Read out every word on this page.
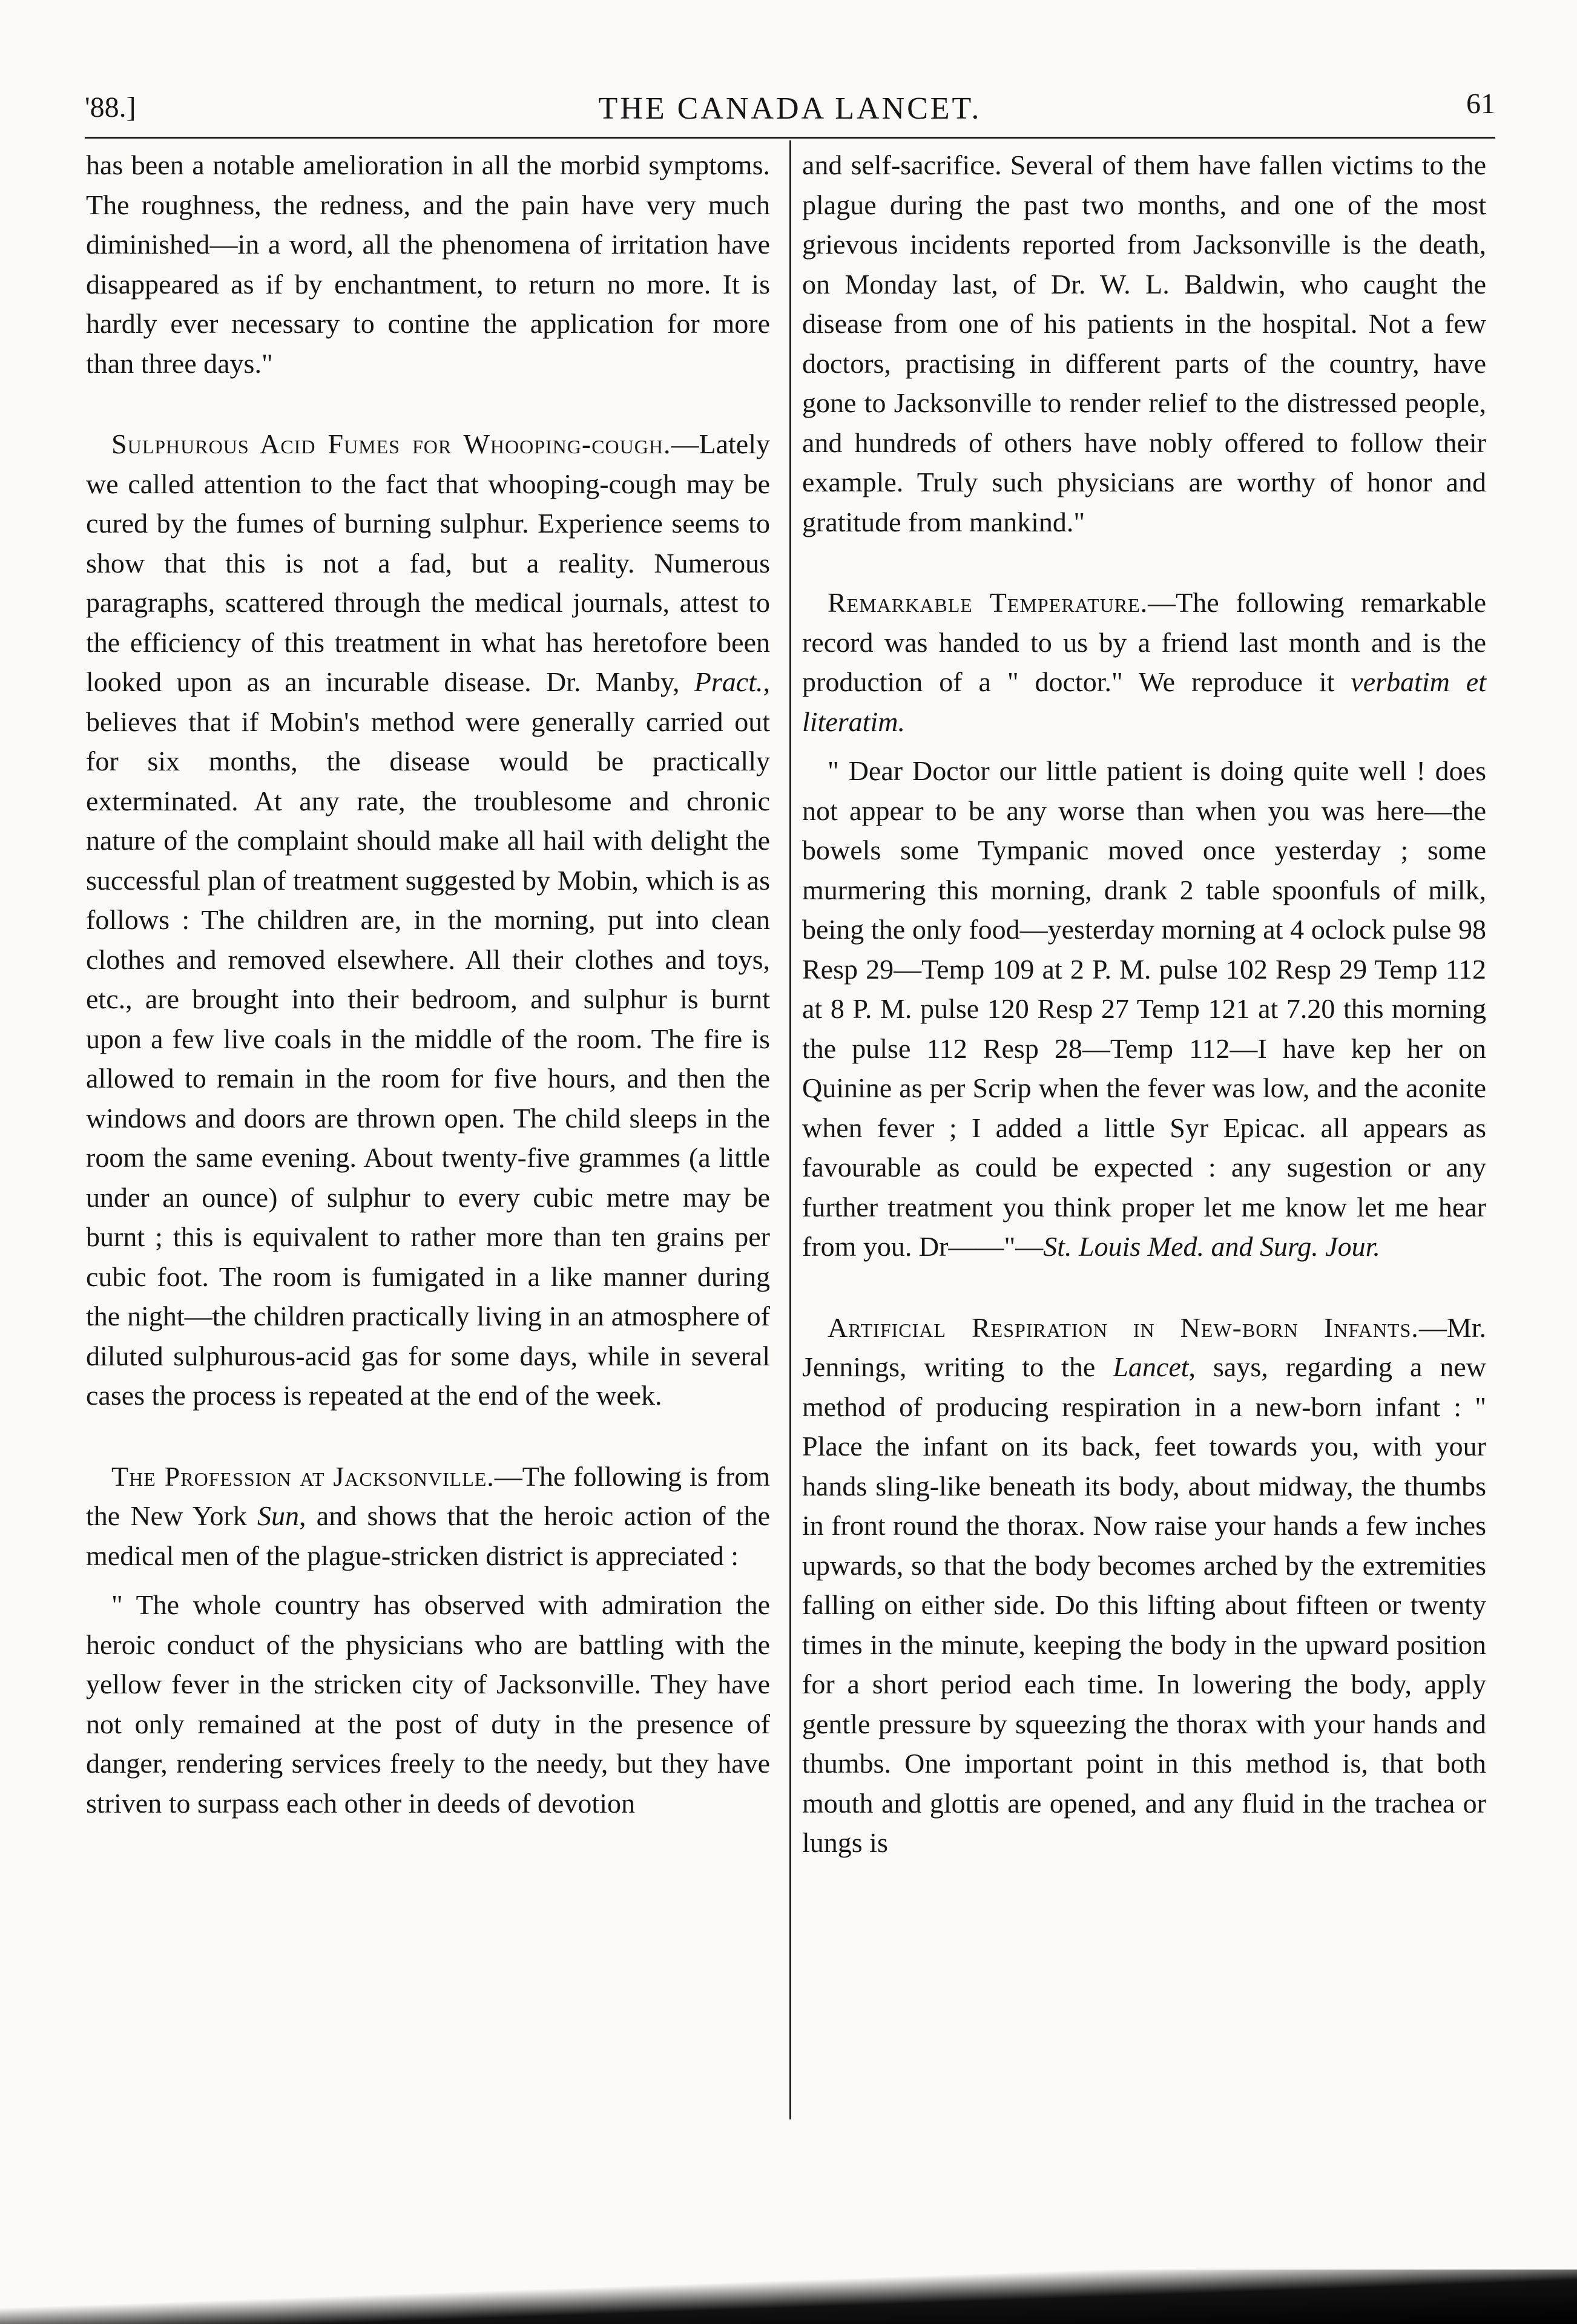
'88.]	THE CANADA LANCET.	61

has been a notable amelioration in all the morbid symptoms. The roughness, the redness, and the pain have very much diminished—in a word, all the phenomena of irritation have disappeared as if by enchantment, to return no more. It is hardly ever necessary to contine the application for more than three days."

Sulphurous Acid Fumes for Whooping-cough.—Lately we called attention to the fact that whooping-cough may be cured by the fumes of burning sulphur. Experience seems to show that this is not a fad, but a reality. Numerous paragraphs, scattered through the medical journals, attest to the efficiency of this treatment in what has heretofore been looked upon as an incurable disease. Dr. Manby, Pract., believes that if Mobin's method were generally carried out for six months, the disease would be practically exterminated. At any rate, the troublesome and chronic nature of the complaint should make all hail with delight the successful plan of treatment suggested by Mobin, which is as follows : The children are, in the morning, put into clean clothes and removed elsewhere. All their clothes and toys, etc., are brought into their bedroom, and sulphur is burnt upon a few live coals in the middle of the room. The fire is allowed to remain in the room for five hours, and then the windows and doors are thrown open. The child sleeps in the room the same evening. About twenty-five grammes (a little under an ounce) of sulphur to every cubic metre may be burnt ; this is equivalent to rather more than ten grains per cubic foot. The room is fumigated in a like manner during the night—the children practically living in an atmosphere of diluted sulphurous-acid gas for some days, while in several cases the process is repeated at the end of the week.

The Profession at Jacksonville.—The following is from the New York Sun, and shows that the heroic action of the medical men of the plague-stricken district is appreciated :

" The whole country has observed with admiration the heroic conduct of the physicians who are battling with the yellow fever in the stricken city of Jacksonville. They have not only remained at the post of duty in the presence of danger, rendering services freely to the needy, but they have striven to surpass each other in deeds of devotion

and self-sacrifice. Several of them have fallen victims to the plague during the past two months, and one of the most grievous incidents reported from Jacksonville is the death, on Monday last, of Dr. W. L. Baldwin, who caught the disease from one of his patients in the hospital. Not a few doctors, practising in different parts of the country, have gone to Jacksonville to render relief to the distressed people, and hundreds of others have nobly offered to follow their example. Truly such physicians are worthy of honor and gratitude from mankind."

Remarkable Temperature.—The following remarkable record was handed to us by a friend last month and is the production of a " doctor." We reproduce it verbatim et literatim.

" Dear Doctor our little patient is doing quite well ! does not appear to be any worse than when you was here—the bowels some Tympanic moved once yesterday ; some murmering this morning, drank 2 table spoonfuls of milk, being the only food—yesterday morning at 4 oclock pulse 98 Resp 29—Temp 109 at 2 P. M. pulse 102 Resp 29 Temp 112 at 8 P. M. pulse 120 Resp 27 Temp 121 at 7.20 this morning the pulse 112 Resp 28—Temp 112—I have kep her on Quinine as per Scrip when the fever was low, and the aconite when fever ; I added a little Syr Epicac. all appears as favourable as could be expected : any sugestion or any further treatment you think proper let me know let me hear from you. Dr——"—St. Louis Med. and Surg. Jour.

Artificial Respiration in New-born Infants.—Mr. Jennings, writing to the Lancet, says, regarding a new method of producing respiration in a new-born infant : " Place the infant on its back, feet towards you, with your hands sling-like beneath its body, about midway, the thumbs in front round the thorax. Now raise your hands a few inches upwards, so that the body becomes arched by the extremities falling on either side. Do this lifting about fifteen or twenty times in the minute, keeping the body in the upward position for a short period each time. In lowering the body, apply gentle pressure by squeezing the thorax with your hands and thumbs. One important point in this method is, that both mouth and glottis are opened, and any fluid in the trachea or lungs is
